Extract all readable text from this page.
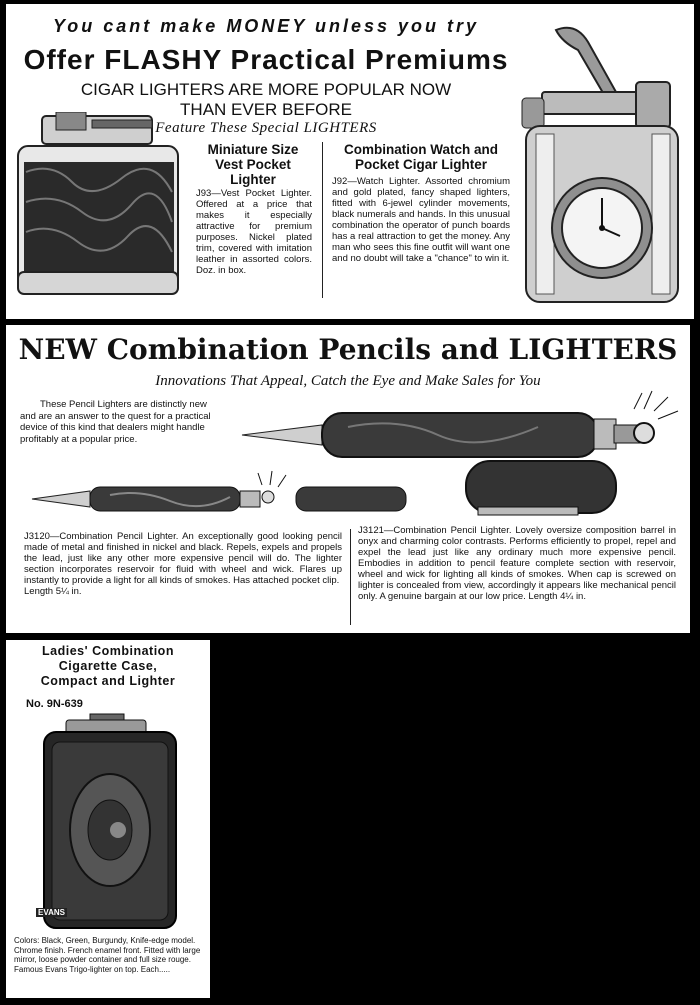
You cant make MONEY unless you try
Offer FLASHY Practical Premiums
CIGAR LIGHTERS ARE MORE POPULAR NOW
THAN EVER BEFORE
Feature These Special LIGHTERS
Miniature Size
Vest Pocket
Lighter
J93—Vest Pocket Lighter. Offered at a price that makes it especially attractive for premium purposes. Nickel plated trim, covered with imitation leather in assorted colors. Doz. in box.
Combination Watch and
Pocket Cigar Lighter
J92—Watch Lighter. Assorted chromium and gold plated, fancy shaped lighters, fitted with 6-jewel cylinder movements, black numerals and hands. In this unusual combination the operator of punch boards has a real attraction to get the money. Any man who sees this fine outfit will want one and no doubt will take a "chance" to win it.
NEW Combination Pencils and LIGHTERS
Innovations That Appeal, Catch the Eye and Make Sales for You
These Pencil Lighters are distinctly new and are an answer to the quest for a practical device of this kind that dealers might handle profitably at a popular price.
J3120—Combination Pencil Lighter. An exceptionally good looking pencil made of metal and finished in nickel and black. Repels, expels and propels the lead, just like any other more expensive pencil will do. The lighter section incorporates reservoir for fluid with wheel and wick. Flares up instantly to provide a light for all kinds of smokes. Has attached pocket clip.
Length 5¼ in.
J3121—Combination Pencil Lighter. Lovely oversize composition barrel in onyx and charming color contrasts. Performs efficiently to propel, repel and expel the lead just like any ordinary much more expensive pencil. Embodies in addition to pencil feature complete section with reservoir, wheel and wick for lighting all kinds of smokes. When cap is screwed on lighter is concealed from view, accordingly it appears like mechanical pencil only. A genuine bargain at our low price. Length 4¼ in.
Ladies' Combination
Cigarette Case,
Compact and Lighter
No. 9N-639
EVANS
Colors: Black, Green, Burgundy, Knife-edge model. Chrome finish. French enamel front. Fitted with large mirror, loose powder container and full size rouge. Famous Evans Trigo-lighter on top. Each.....
